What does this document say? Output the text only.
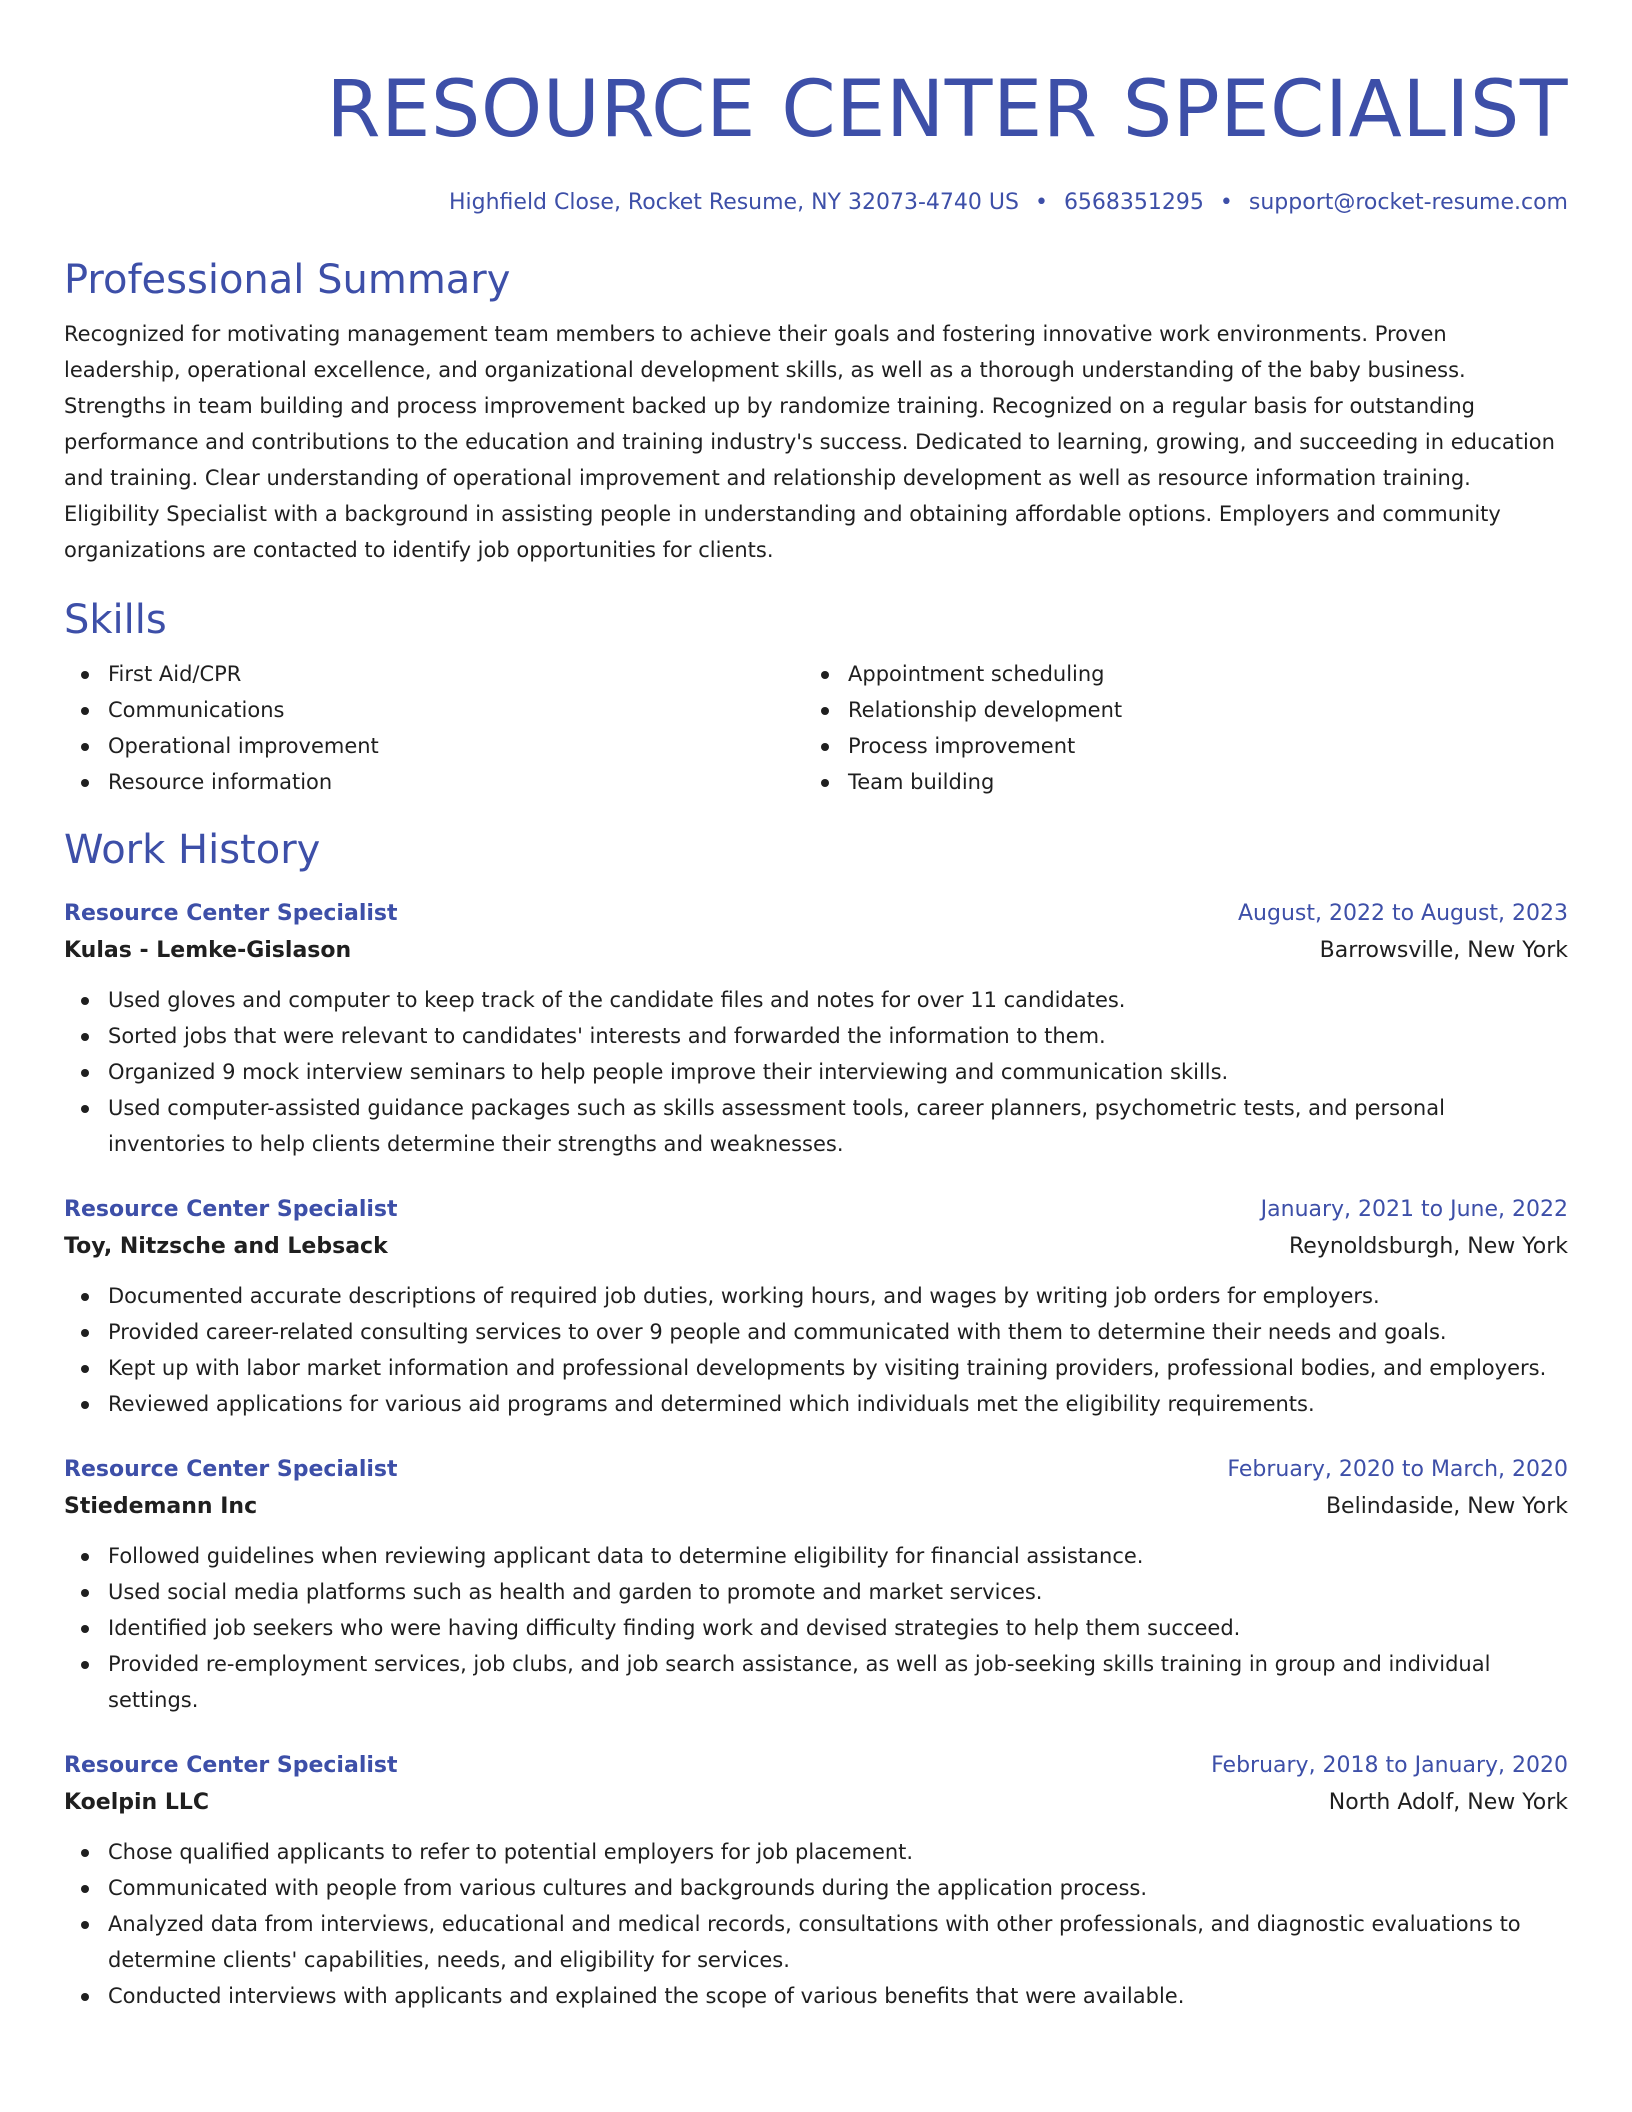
RESOURCE CENTER SPECIALIST
Highfield Close, Rocket Resume, NY 32073-4740 US • 6568351295 • support@rocket-resume.com
Professional Summary
Recognized for motivating management team members to achieve their goals and fostering innovative work environments. Proven leadership, operational excellence, and organizational development skills, as well as a thorough understanding of the baby business. Strengths in team building and process improvement backed up by randomize training. Recognized on a regular basis for outstanding performance and contributions to the education and training industry's success. Dedicated to learning, growing, and succeeding in education and training. Clear understanding of operational improvement and relationship development as well as resource information training. Eligibility Specialist with a background in assisting people in understanding and obtaining affordable options. Employers and community organizations are contacted to identify job opportunities for clients.
Skills
First Aid/CPR
Communications
Operational improvement
Resource information
Appointment scheduling
Relationship development
Process improvement
Team building
Work History
Resource Center Specialist	August, 2022 to August, 2023
Kulas - Lemke-Gislason	Barrowsville, New York
Used gloves and computer to keep track of the candidate files and notes for over 11 candidates.
Sorted jobs that were relevant to candidates' interests and forwarded the information to them.
Organized 9 mock interview seminars to help people improve their interviewing and communication skills.
Used computer-assisted guidance packages such as skills assessment tools, career planners, psychometric tests, and personal inventories to help clients determine their strengths and weaknesses.
Resource Center Specialist	January, 2021 to June, 2022
Toy, Nitzsche and Lebsack	Reynoldsburgh, New York
Documented accurate descriptions of required job duties, working hours, and wages by writing job orders for employers.
Provided career-related consulting services to over 9 people and communicated with them to determine their needs and goals.
Kept up with labor market information and professional developments by visiting training providers, professional bodies, and employers.
Reviewed applications for various aid programs and determined which individuals met the eligibility requirements.
Resource Center Specialist	February, 2020 to March, 2020
Stiedemann Inc	Belindaside, New York
Followed guidelines when reviewing applicant data to determine eligibility for financial assistance.
Used social media platforms such as health and garden to promote and market services.
Identified job seekers who were having difficulty finding work and devised strategies to help them succeed.
Provided re-employment services, job clubs, and job search assistance, as well as job-seeking skills training in group and individual settings.
Resource Center Specialist	February, 2018 to January, 2020
Koelpin LLC	North Adolf, New York
Chose qualified applicants to refer to potential employers for job placement.
Communicated with people from various cultures and backgrounds during the application process.
Analyzed data from interviews, educational and medical records, consultations with other professionals, and diagnostic evaluations to determine clients' capabilities, needs, and eligibility for services.
Conducted interviews with applicants and explained the scope of various benefits that were available.
